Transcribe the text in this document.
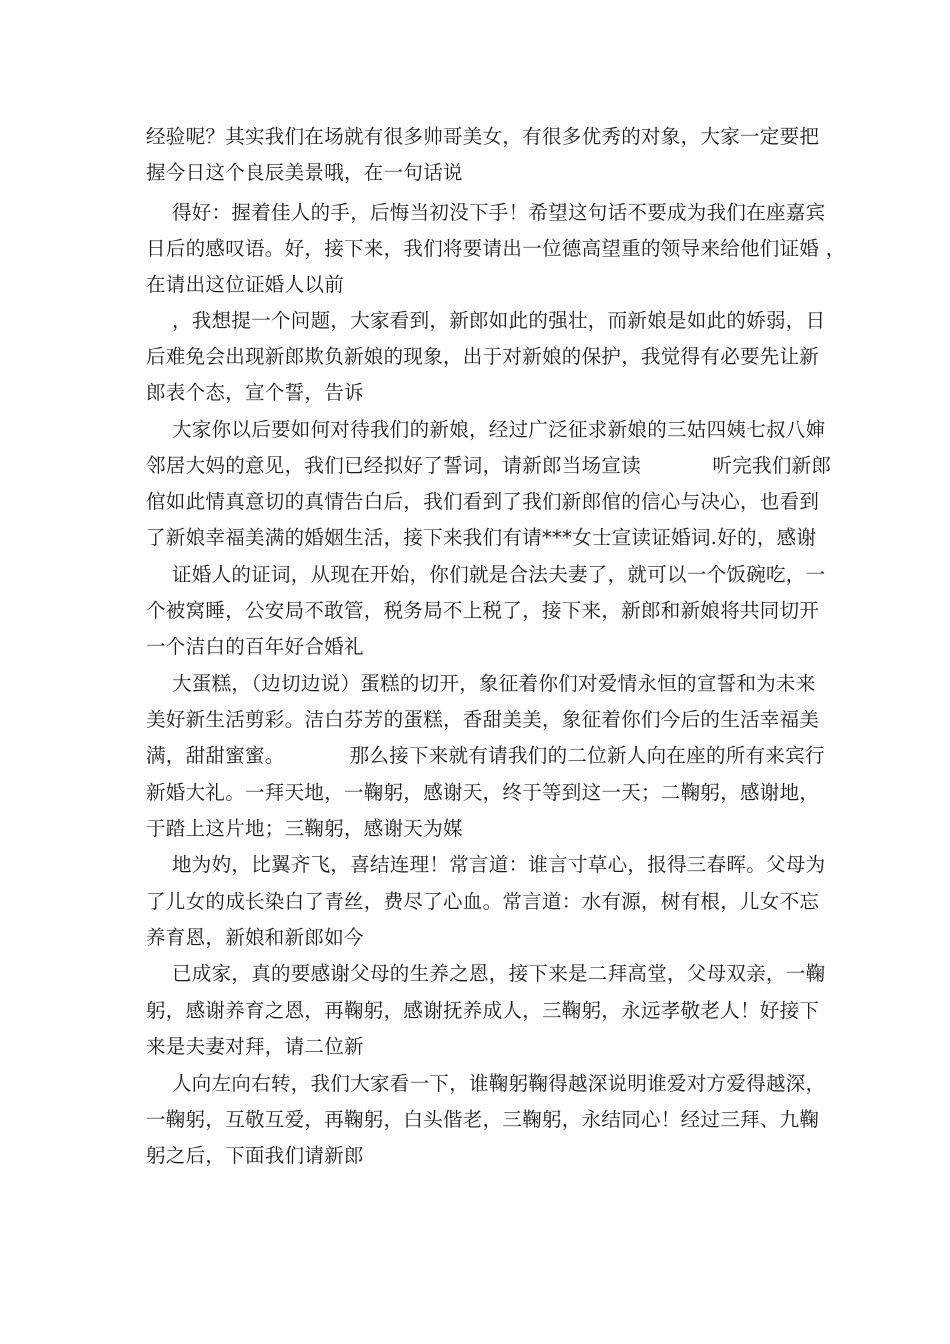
经验呢？其实我们在场就有很多帅哥美女，有很多优秀的对象，大家一定要把
握今日这个良辰美景哦，在一句话说
得好：握着佳人的手，后悔当初没下手！希望这句话不要成为我们在座嘉宾
日后的感叹语。好，接下来，我们将要请出一位德高望重的领导来给他们证婚 ，
在请出这位证婚人以前
，我想提一个问题，大家看到，新郎如此的强壮，而新娘是如此的娇弱，日
后难免会出现新郎欺负新娘的现象，出于对新娘的保护，我觉得有必要先让新
郎表个态，宣个誓，告诉
大家你以后要如何对待我们的新娘，经过广泛征求新娘的三姑四姨七叔八婶
邻居大妈的意见，我们已经拟好了誓词，请新郎当场宣读           听完我们新郎
倌如此情真意切的真情告白后，我们看到了我们新郎倌的信心与决心，也看到
了新娘幸福美满的婚姻生活，接下来我们有请***女士宣读证婚词.好的，感谢
证婚人的证词，从现在开始，你们就是合法夫妻了，就可以一个饭碗吃，一
个被窝睡，公安局不敢管，税务局不上税了，接下来，新郎和新娘将共同切开
一个洁白的百年好合婚礼
大蛋糕，（边切边说）蛋糕的切开，象征着你们对爱情永恒的宣誓和为未来
美好新生活剪彩。洁白芬芳的蛋糕，香甜美美，象征着你们今后的生活幸福美
满，甜甜蜜蜜。          那么接下来就有请我们的二位新人向在座的所有来宾行
新婚大礼。一拜天地，一鞠躬，感谢天，终于等到这一天；二鞠躬，感谢地，
于踏上这片地；三鞠躬，感谢天为媒
地为妁，比翼齐飞，喜结连理！常言道：谁言寸草心，报得三春晖。父母为
了儿女的成长染白了青丝，费尽了心血。常言道：水有源，树有根，儿女不忘
养育恩，新娘和新郎如今
已成家，真的要感谢父母的生养之恩，接下来是二拜高堂，父母双亲，一鞠
躬，感谢养育之恩，再鞠躬，感谢抚养成人，三鞠躬，永远孝敬老人！好接下
来是夫妻对拜，请二位新
人向左向右转，我们大家看一下，谁鞠躬鞠得越深说明谁爱对方爱得越深，
一鞠躬，互敬互爱，再鞠躬，白头偕老，三鞠躬，永结同心！经过三拜、九鞠
躬之后，下面我们请新郎
